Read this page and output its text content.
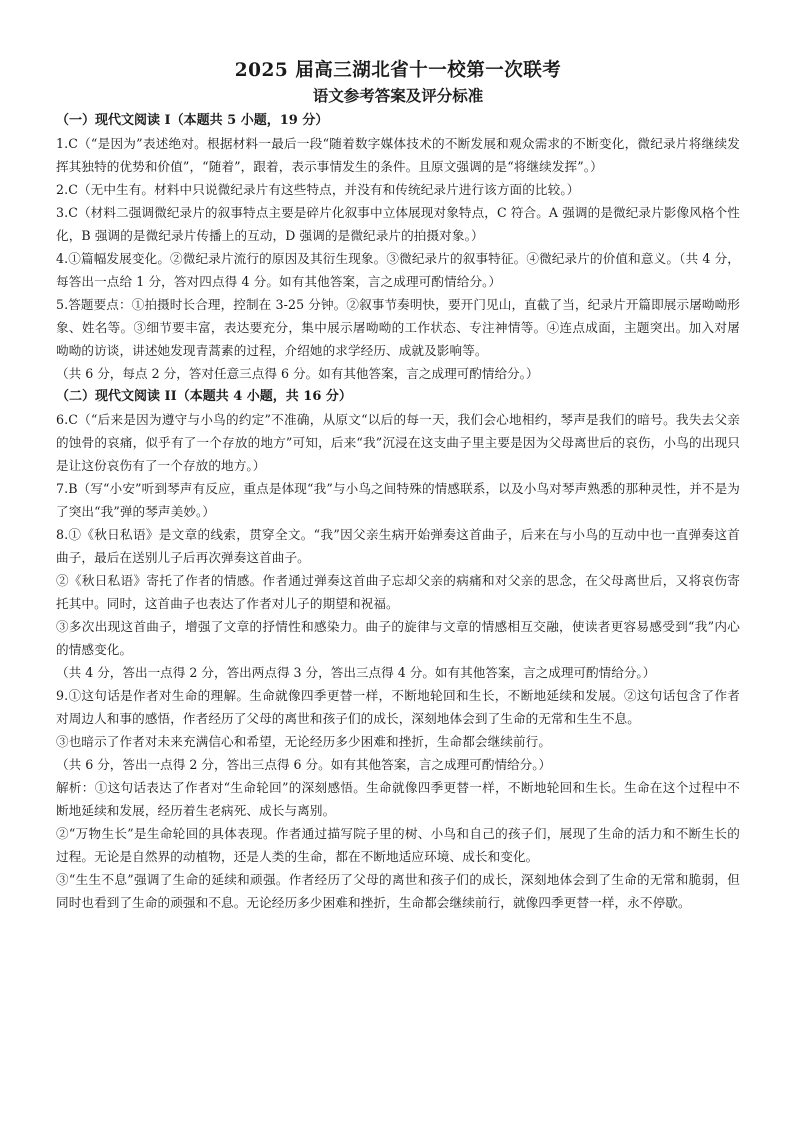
2025 届高三湖北省十一校第一次联考
语文参考答案及评分标准

（一）现代文阅读 I（本题共 5 小题，19 分）

1.C（“是因为”表述绝对。根据材料一最后一段“随着数字媒体技术的不断发展和观众需求的不断变化，微纪录片将继续发挥其独特的优势和价值”，“随着”，跟着，表示事情发生的条件。且原文强调的是“将继续发挥”。）

2.C（无中生有。材料中只说微纪录片有这些特点，并没有和传统纪录片进行该方面的比较。）

3.C（材料二强调微纪录片的叙事特点主要是碎片化叙事中立体展现对象特点，C 符合。A 强调的是微纪录片影像风格个性化，B 强调的是微纪录片传播上的互动，D 强调的是微纪录片的拍摄对象。）

4.①篇幅发展变化。②微纪录片流行的原因及其衍生现象。③微纪录片的叙事特征。④微纪录片的价值和意义。（共 4 分，每答出一点给 1 分，答对四点得 4 分。如有其他答案，言之成理可酌情给分。）

5.答题要点：①拍摄时长合理，控制在 3-25 分钟。②叙事节奏明快，要开门见山，直截了当，纪录片开篇即展示屠呦呦形象、姓名等。③细节要丰富，表达要充分，集中展示屠呦呦的工作状态、专注神情等。④连点成面，主题突出。加入对屠呦呦的访谈，讲述她发现青蒿素的过程，介绍她的求学经历、成就及影响等。

（共 6 分，每点 2 分，答对任意三点得 6 分。如有其他答案，言之成理可酌情给分。）

（二）现代文阅读 II（本题共 4 小题，共 16 分）

6.C（“后来是因为遵守与小鸟的约定”不准确，从原文“以后的每一天，我们会心地相约，琴声是我们的暗号。我失去父亲的蚀骨的哀痛，似乎有了一个存放的地方”可知，后来“我”沉浸在这支曲子里主要是因为父母离世后的哀伤，小鸟的出现只是让这份哀伤有了一个存放的地方。）

7.B（写“小安”听到琴声有反应，重点是体现“我”与小鸟之间特殊的情感联系，以及小鸟对琴声熟悉的那种灵性，并不是为了突出“我”弹的琴声美妙。）

8.①《秋日私语》是文章的线索，贯穿全文。“我”因父亲生病开始弹奏这首曲子，后来在与小鸟的互动中也一直弹奏这首曲子，最后在送别儿子后再次弹奏这首曲子。

②《秋日私语》寄托了作者的情感。作者通过弹奏这首曲子忘却父亲的病痛和对父亲的思念，在父母离世后，又将哀伤寄托其中。同时，这首曲子也表达了作者对儿子的期望和祝福。

③多次出现这首曲子，增强了文章的抒情性和感染力。曲子的旋律与文章的情感相互交融，使读者更容易感受到“我”内心的情感变化。

（共 4 分，答出一点得 2 分，答出两点得 3 分，答出三点得 4 分。如有其他答案，言之成理可酌情给分。）

9.①这句话是作者对生命的理解。生命就像四季更替一样，不断地轮回和生长，不断地延续和发展。②这句话包含了作者对周边人和事的感悟，作者经历了父母的离世和孩子们的成长，深刻地体会到了生命的无常和生生不息。

③也暗示了作者对未来充满信心和希望，无论经历多少困难和挫折，生命都会继续前行。

（共 6 分，答出一点得 2 分，答出三点得 6 分。如有其他答案，言之成理可酌情给分。）

解析：①这句话表达了作者对“生命轮回”的深刻感悟。生命就像四季更替一样，不断地轮回和生长。生命在这个过程中不断地延续和发展，经历着生老病死、成长与离别。

②“万物生长”是生命轮回的具体表现。作者通过描写院子里的树、小鸟和自己的孩子们，展现了生命的活力和不断生长的过程。无论是自然界的动植物，还是人类的生命，都在不断地适应环境、成长和变化。

③“生生不息”强调了生命的延续和顽强。作者经历了父母的离世和孩子们的成长，深刻地体会到了生命的无常和脆弱，但同时也看到了生命的顽强和不息。无论经历多少困难和挫折，生命都会继续前行，就像四季更替一样，永不停歇。
